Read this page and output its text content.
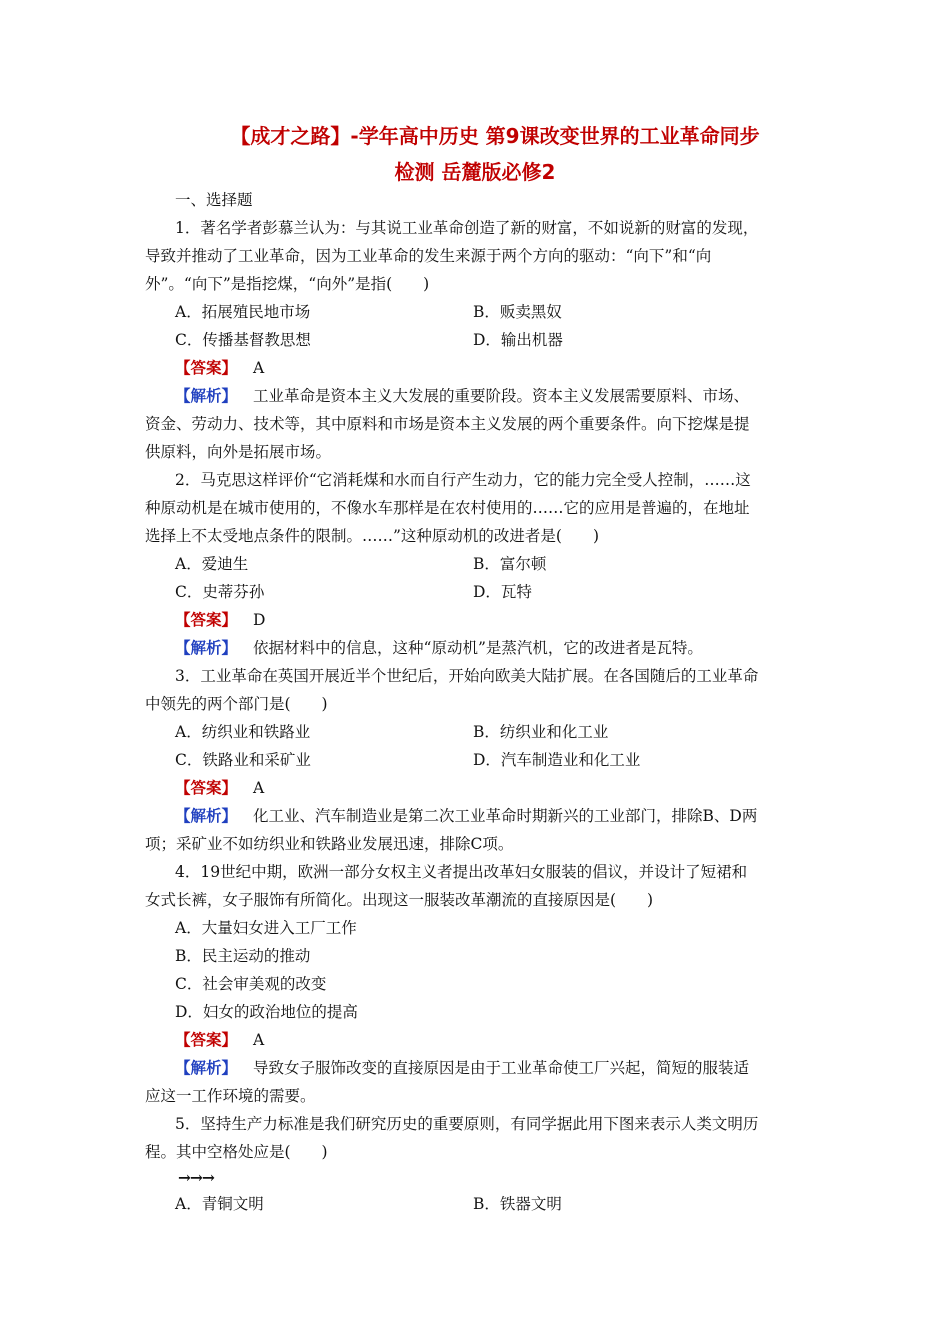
【成才之路】-学年高中历史 第9课改变世界的工业革命同步
检测 岳麓版必修2
一、选择题
1．著名学者彭慕兰认为：与其说工业革命创造了新的财富，不如说新的财富的发现，
导致并推动了工业革命，因为工业革命的发生来源于两个方向的驱动：“向下”和“向
外”。“向下”是指挖煤，“向外”是指(　　)
A．拓展殖民地市场	B．贩卖黑奴
C．传播基督教思想	D．输出机器
【答案】 A
【解析】 工业革命是资本主义大发展的重要阶段。资本主义发展需要原料、市场、
资金、劳动力、技术等，其中原料和市场是资本主义发展的两个重要条件。向下挖煤是提
供原料，向外是拓展市场。
2．马克思这样评价“它消耗煤和水而自行产生动力，它的能力完全受人控制，……这
种原动机是在城市使用的，不像水车那样是在农村使用的……它的应用是普遍的，在地址
选择上不太受地点条件的限制。……”这种原动机的改进者是(　　)
A．爱迪生	B．富尔顿
C．史蒂芬孙	D．瓦特
【答案】 D
【解析】 依据材料中的信息，这种“原动机”是蒸汽机，它的改进者是瓦特。
3．工业革命在英国开展近半个世纪后，开始向欧美大陆扩展。在各国随后的工业革命
中领先的两个部门是(　　)
A．纺织业和铁路业	B．纺织业和化工业
C．铁路业和采矿业	D．汽车制造业和化工业
【答案】 A
【解析】 化工业、汽车制造业是第二次工业革命时期新兴的工业部门，排除B、D两
项；采矿业不如纺织业和铁路业发展迅速，排除C项。
4．19世纪中期，欧洲一部分女权主义者提出改革妇女服装的倡议，并设计了短裙和
女式长裤，女子服饰有所简化。出现这一服装改革潮流的直接原因是(　　)
A．大量妇女进入工厂工作
B．民主运动的推动
C．社会审美观的改变
D．妇女的政治地位的提高
【答案】 A
【解析】 导致女子服饰改变的直接原因是由于工业革命使工厂兴起，简短的服装适
应这一工作环境的需要。
5．坚持生产力标准是我们研究历史的重要原则，有同学据此用下图来表示人类文明历
程。其中空格处应是(　　)
→→→
A．青铜文明	B．铁器文明
